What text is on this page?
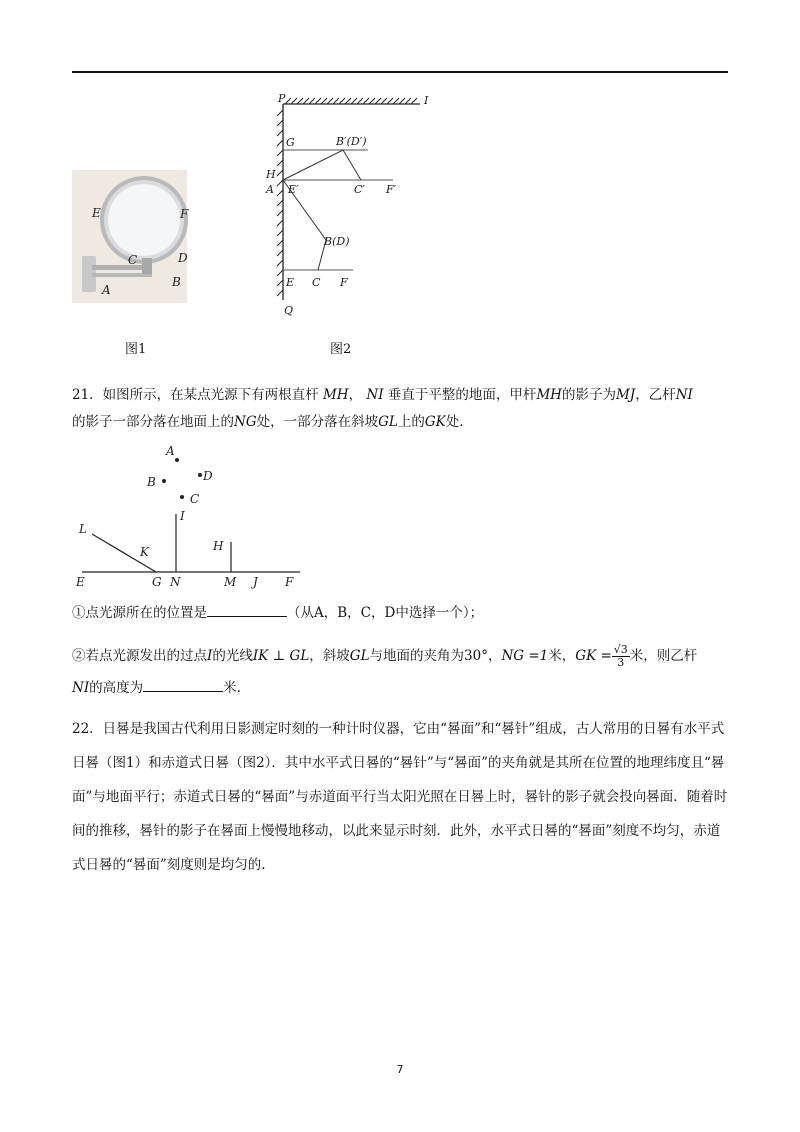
E	F
C	D
A
B
图1
P	I
G	B′(D′)
H
A E′	C′ F′
B(D)
E C F
Q
图2
21．如图所示，在某点光源下有两根直杆 MH， NI 垂直于平整的地面，甲杆MH的影子为MJ，乙杆NI
的影子一部分落在地面上的NG处，一部分落在斜坡GL上的GK处．
A
B	D
C
I
L
K	H
E	G N	M J F
①点光源所在的位置是	（从A，B，C，D中选择一个）；
②若点光源发出的过点I的光线IK ⊥ GL，斜坡GL与地面的夹角为30°，NG =1米，GK = $\frac{√3}{3}$ 米，则乙杆
NI的高度为	米.
22．日晷是我国古代利用日影测定时刻的一种计时仪器，它由“晷面”和“晷针”组成，古人常用的日晷有水平式日晷（图1）和赤道式日晷（图2）．其中水平式日晷的“晷针”与“晷面”的夹角就是其所在位置的地理纬度且“晷面”与地面平行；赤道式日晷的“晷面”与赤道面平行当太阳光照在日晷上时，晷针的影子就会投向晷面．随着时间的推移，晷针的影子在晷面上慢慢地移动，以此来显示时刻．此外，水平式日晷的“晷面”刻度不均匀，赤道式日晷的“晷面”刻度则是均匀的.
7
